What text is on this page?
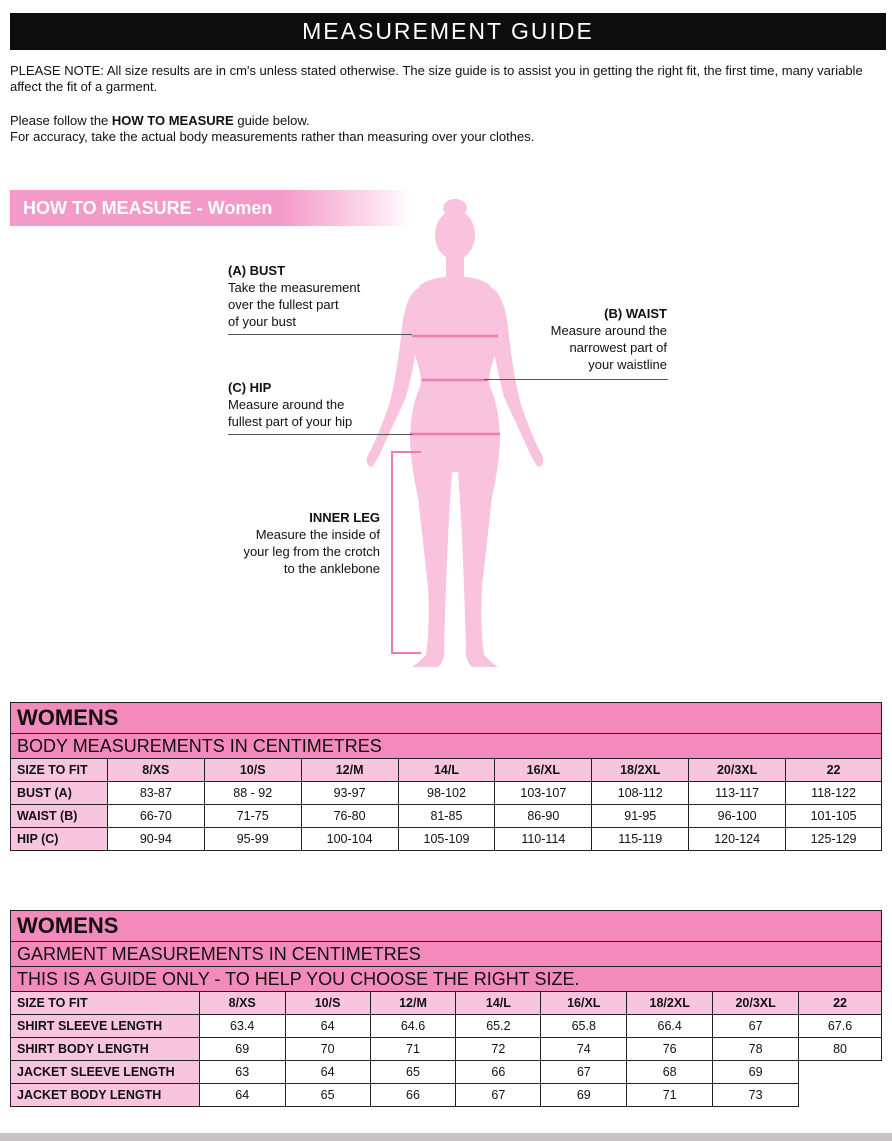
MEASUREMENT GUIDE
PLEASE NOTE: All size results are in cm's unless stated otherwise. The size guide is to assist you in getting the right fit, the first time, many variable affect the fit of a garment.
Please follow the HOW TO MEASURE guide below.
For accuracy, take the actual body measurements rather than measuring over your clothes.
HOW TO MEASURE - Women
(A) BUST
Take the measurement
over the fullest part
of your bust
(B) WAIST
Measure around the
narrowest part of
your waistline
(C) HIP
Measure around the
fullest part of your hip
INNER LEG
Measure the inside of
your leg from the crotch
to the anklebone
WOMENS								
BODY MEASUREMENTS IN CENTIMETRES								
SIZE TO FIT	8/XS	10/S	12/M	14/L	16/XL	18/2XL	20/3XL	22
BUST (A)	83-87	88 - 92	93-97	98-102	103-107	108-112	113-117	118-122
WAIST (B)	66-70	71-75	76-80	81-85	86-90	91-95	96-100	101-105
HIP (C)	90-94	95-99	100-104	105-109	110-114	115-119	120-124	125-129
WOMENS								
GARMENT MEASUREMENTS IN CENTIMETRES								
THIS IS A GUIDE ONLY - TO HELP YOU CHOOSE THE RIGHT SIZE.								
SIZE TO FIT	8/XS	10/S	12/M	14/L	16/XL	18/2XL	20/3XL	22
SHIRT SLEEVE LENGTH	63.4	64	64.6	65.2	65.8	66.4	67	67.6
SHIRT BODY LENGTH	69	70	71	72	74	76	78	80
JACKET SLEEVE LENGTH	63	64	65	66	67	68	69	
JACKET BODY LENGTH	64	65	66	67	69	71	73	
